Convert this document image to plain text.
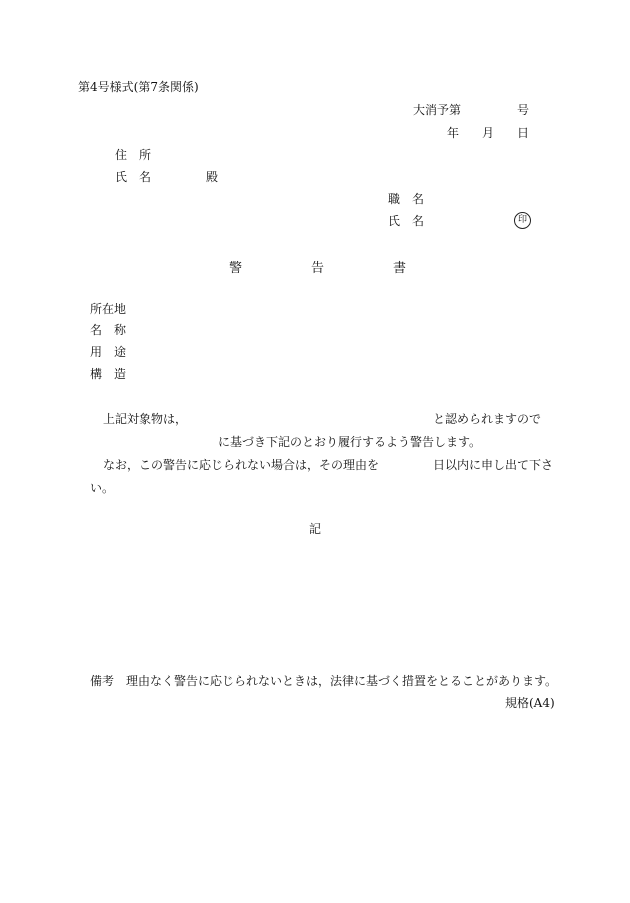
第4号様式(第7条関係)
大消予第	号
年 月 日
住　所
氏　名	殿
職　名
氏　名	印
警	告	書
所在地
名　称
用　途
構　造
上記対象物は，	と認められますので
に基づき下記のとおり履行するよう警告します。
なお，この警告に応じられない場合は，その理由を	日以内に申し出て下さ
い。
記
備考 理由なく警告に応じられないときは，法律に基づく措置をとることがあります。
規格(A4)
